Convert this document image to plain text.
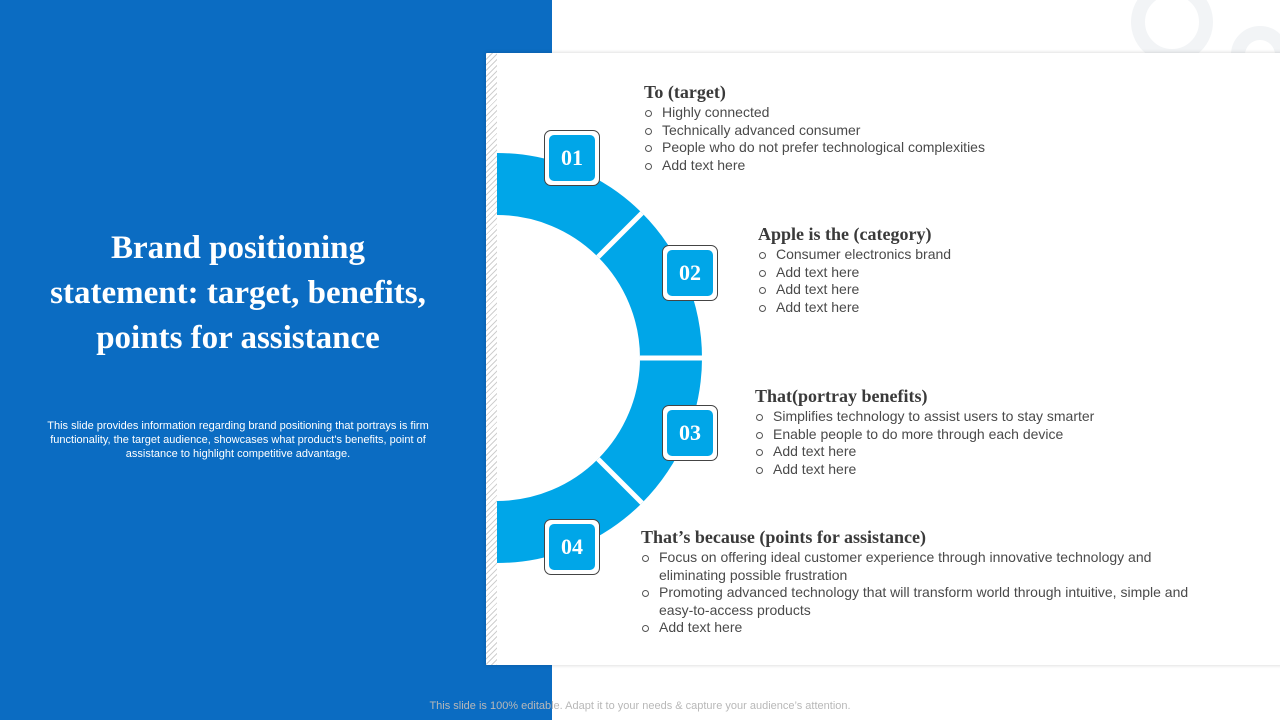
Brand positioning statement: target, benefits, points for assistance

This slide provides information regarding brand positioning that portrays is firm functionality, the target audience, showcases what product's benefits, point of assistance to highlight competitive advantage.

01
02
03
04
To (target)
Highly connected
Technically advanced consumer
People who do not prefer technological complexities
Add text here
Apple is the (category)
Consumer electronics brand
Add text here
Add text here
Add text here
That(portray benefits)
Simplifies technology to assist users to stay smarter
Enable people to do more through each device
Add text here
Add text here
That’s because (points for assistance)
Focus on offering ideal customer experience through innovative technology and eliminating possible frustration
Promoting advanced technology that will transform world through intuitive, simple and easy-to-access products
Add text here
This slide is 100% editable. Adapt it to your needs & capture your audience’s attention.
